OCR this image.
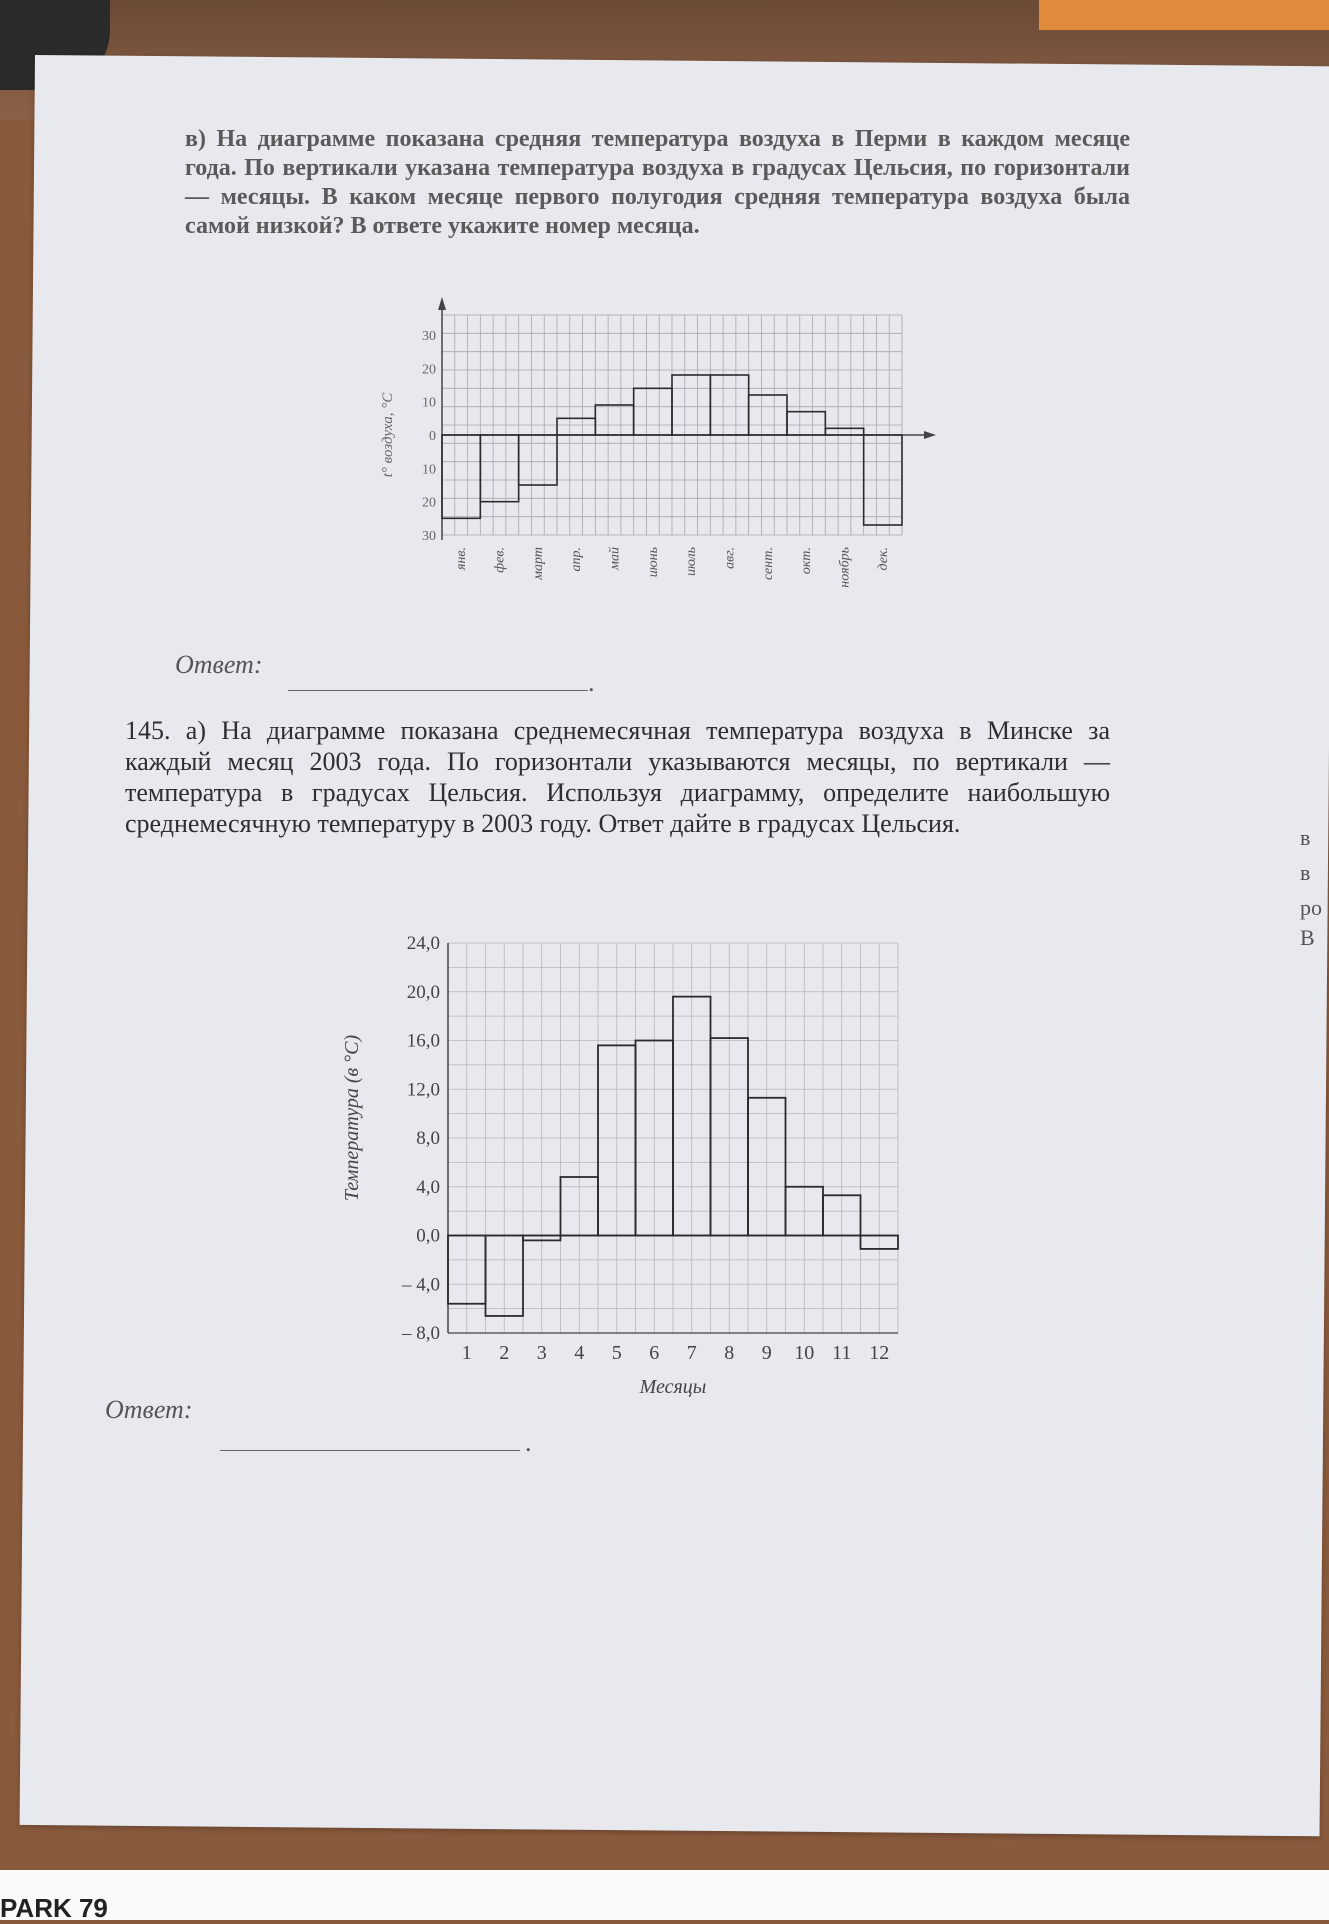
в) На диаграмме показана средняя температура воздуха в Перми в каждом месяце года. По вертикали указана температура воздуха в градусах Цельсия, по горизонтали — месяцы. В каком месяце первого полугодия средняя температура воздуха была самой низкой? В ответе укажите номер месяца.
30
20
10
0
10
20
30
янв. фев. март апр. май июнь июль авг. сент. окт. ноябрь дек.
t° воздуха, °C
Ответ:
.
145. а) На диаграмме показана среднемесячная температура воздуха в Минске за каждый месяц 2003 года. По горизонтали указываются месяцы, по вертикали — температура в градусах Цельсия. Используя диаграмму, определите наибольшую среднемесячную температуру в 2003 году. Ответ дайте в градусах Цельсия.
24,0
20,0
16,0
12,0
8,0
4,0
0,0
– 4,0
– 8,0
1 2 3 4 5 6 7 8 9 10 11 12
Месяцы
Температура (в °C)
Ответ:
.
в
в
ро
В
PARK 79
